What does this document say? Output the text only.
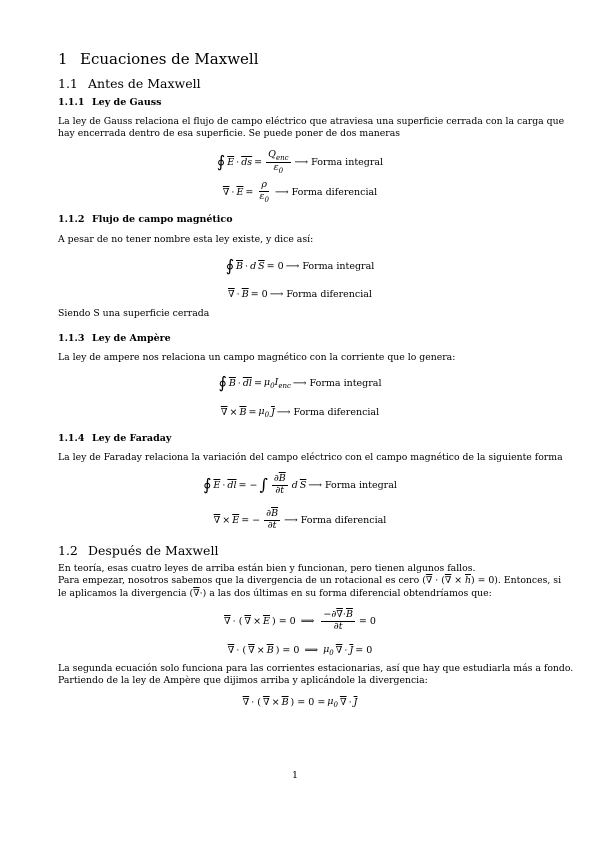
1 Ecuaciones de Maxwell
1.1 Antes de Maxwell
1.1.1 Ley de Gauss
La ley de Gauss relaciona el flujo de campo eléctrico que atraviesa una superficie cerrada con la carga que
hay encerrada dentro de esa superficie. Se puede poner de dos maneras
∮ $\overline{E} \cdot \overline{ds} = \frac{Q_{enc}}{\varepsilon_0}$ ⟶ Forma integral
∇ · $\overline{E} = \frac{\rho}{\varepsilon_0}$ ⟶ Forma diferencial
1.1.2 Flujo de campo magnético
A pesar de no tener nombre esta ley existe, y dice así:
∮ $\overline{B} \cdot d$ $\overline{S} = 0$ ⟶ Forma integral
∇ · $\overline{B} = 0$ ⟶ Forma diferencial
Siendo S una superficie cerrada
1.1.3 Ley de Ampère
La ley de ampere nos relaciona un campo magnético con la corriente que lo genera:
∮ $\overline{B} \cdot \overline{dl} = \mu_0I_{enc}$ ⟶ Forma integral
∇ × $\overline{B} = \mu_0$ $\overline{J}$ ⟶ Forma diferencial
1.1.4 Ley de Faraday
La ley de Faraday relaciona la variación del campo eléctrico con el campo magnético de la siguiente forma
∮ $\overline{E} \cdot \overline{dl}$ = − ∫ $\frac{\partial\overline{B}}{\partial t}$ d $\overline{S}$ ⟶ Forma integral
∇ × $\overline{E}$ = − $\frac{\partial\overline{B}}{\partial t}$ ⟶ Forma diferencial
1.2 Después de Maxwell
En teoría, esas cuatro leyes de arriba están bien y funcionan, pero tienen algunos fallos.
Para empezar, nosotros sabemos que la divergencia de un rotacional es cero (∇ · (∇ × $\overline{h}) = 0$). Entonces, si
le aplicamos la divergencia (∇·) a las dos últimas en su forma diferencial obtendríamos que:
∇ · ( ∇ × $\overline{E}$ ) = 0 ⟹ $\frac{-\partial\nabla\cdot\overline{B}}{\partial t} = 0$
∇ · ( ∇ × $\overline{B}$ ) = 0 ⟹ $\mu_0$ ∇ · $\overline{J} = 0$
La segunda ecuación solo funciona para las corrientes estacionarias, así que hay que estudiarla más a fondo.
Partiendo de la ley de Ampère que dijimos arriba y aplicándole la divergencia:
∇ · ( ∇ × $\overline{B}$ ) = $0 = \mu_0$ ∇ · $\overline{J}$
1
